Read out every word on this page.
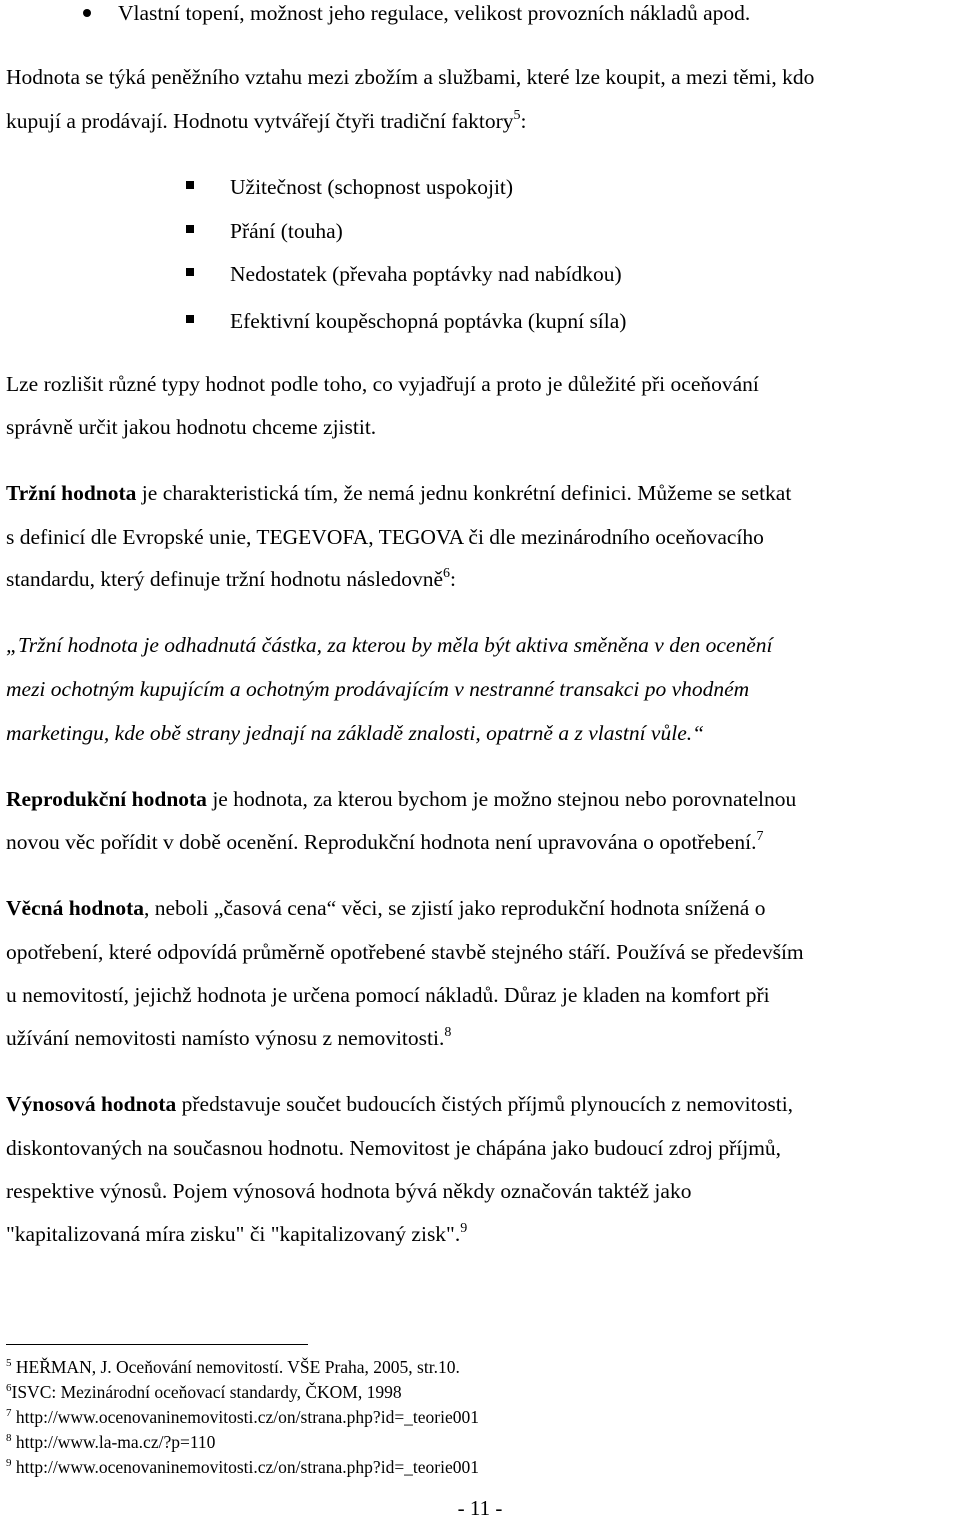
Vlastní topení, možnost jeho regulace, velikost provozních nákladů apod.
Hodnota se týká peněžního vztahu mezi zbožím a službami, které lze koupit, a mezi těmi, kdo
kupují a prodávají. Hodnotu vytvářejí čtyři tradiční faktory$^5$:
Užitečnost (schopnost uspokojit)
Přání (touha)
Nedostatek (převaha poptávky nad nabídkou)
Efektivní koupěschopná poptávka (kupní síla)
Lze rozlišit různé typy hodnot podle toho, co vyjadřují a proto je důležité při oceňování
správně určit jakou hodnotu chceme zjistit.
Tržní hodnota je charakteristická tím, že nemá jednu konkrétní definici. Můžeme se setkat
s definicí dle Evropské unie, TEGEVOFA, TEGOVA či dle mezinárodního oceňovacího
standardu, který definuje tržní hodnotu následovně$^6$:
„Tržní hodnota je odhadnutá částka, za kterou by měla být aktiva směněna v den ocenění
mezi ochotným kupujícím a ochotným prodávajícím v nestranné transakci po vhodném
marketingu, kde obě strany jednají na základě znalosti, opatrně a z vlastní vůle.“
Reprodukční hodnota je hodnota, za kterou bychom je možno stejnou nebo porovnatelnou
novou věc pořídit v době ocenění. Reprodukční hodnota není upravována o opotřebení.$^7$
Věcná hodnota, neboli „časová cena“ věci, se zjistí jako reprodukční hodnota snížená o
opotřebení, které odpovídá průměrně opotřebené stavbě stejného stáří. Používá se především
u nemovitostí, jejichž hodnota je určena pomocí nákladů. Důraz je kladen na komfort při
užívání nemovitosti namísto výnosu z nemovitosti.$^8$
Výnosová hodnota představuje součet budoucích čistých příjmů plynoucích z nemovitosti,
diskontovaných na současnou hodnotu. Nemovitost je chápána jako budoucí zdroj příjmů,
respektive výnosů. Pojem výnosová hodnota bývá někdy označován taktéž jako
"kapitalizovaná míra zisku" či "kapitalizovaný zisk".$^9$
$^5$ HEŘMAN, J. Oceňování nemovitostí. VŠE Praha, 2005, str.10.
$^6$ISVC: Mezinárodní oceňovací standardy, ČKOM, 1998
$^7$ http://www.ocenovaninemovitosti.cz/on/strana.php?id=_teorie001
$^8$ http://www.la-ma.cz/?p=110
$^9$ http://www.ocenovaninemovitosti.cz/on/strana.php?id=_teorie001
- 11 -
